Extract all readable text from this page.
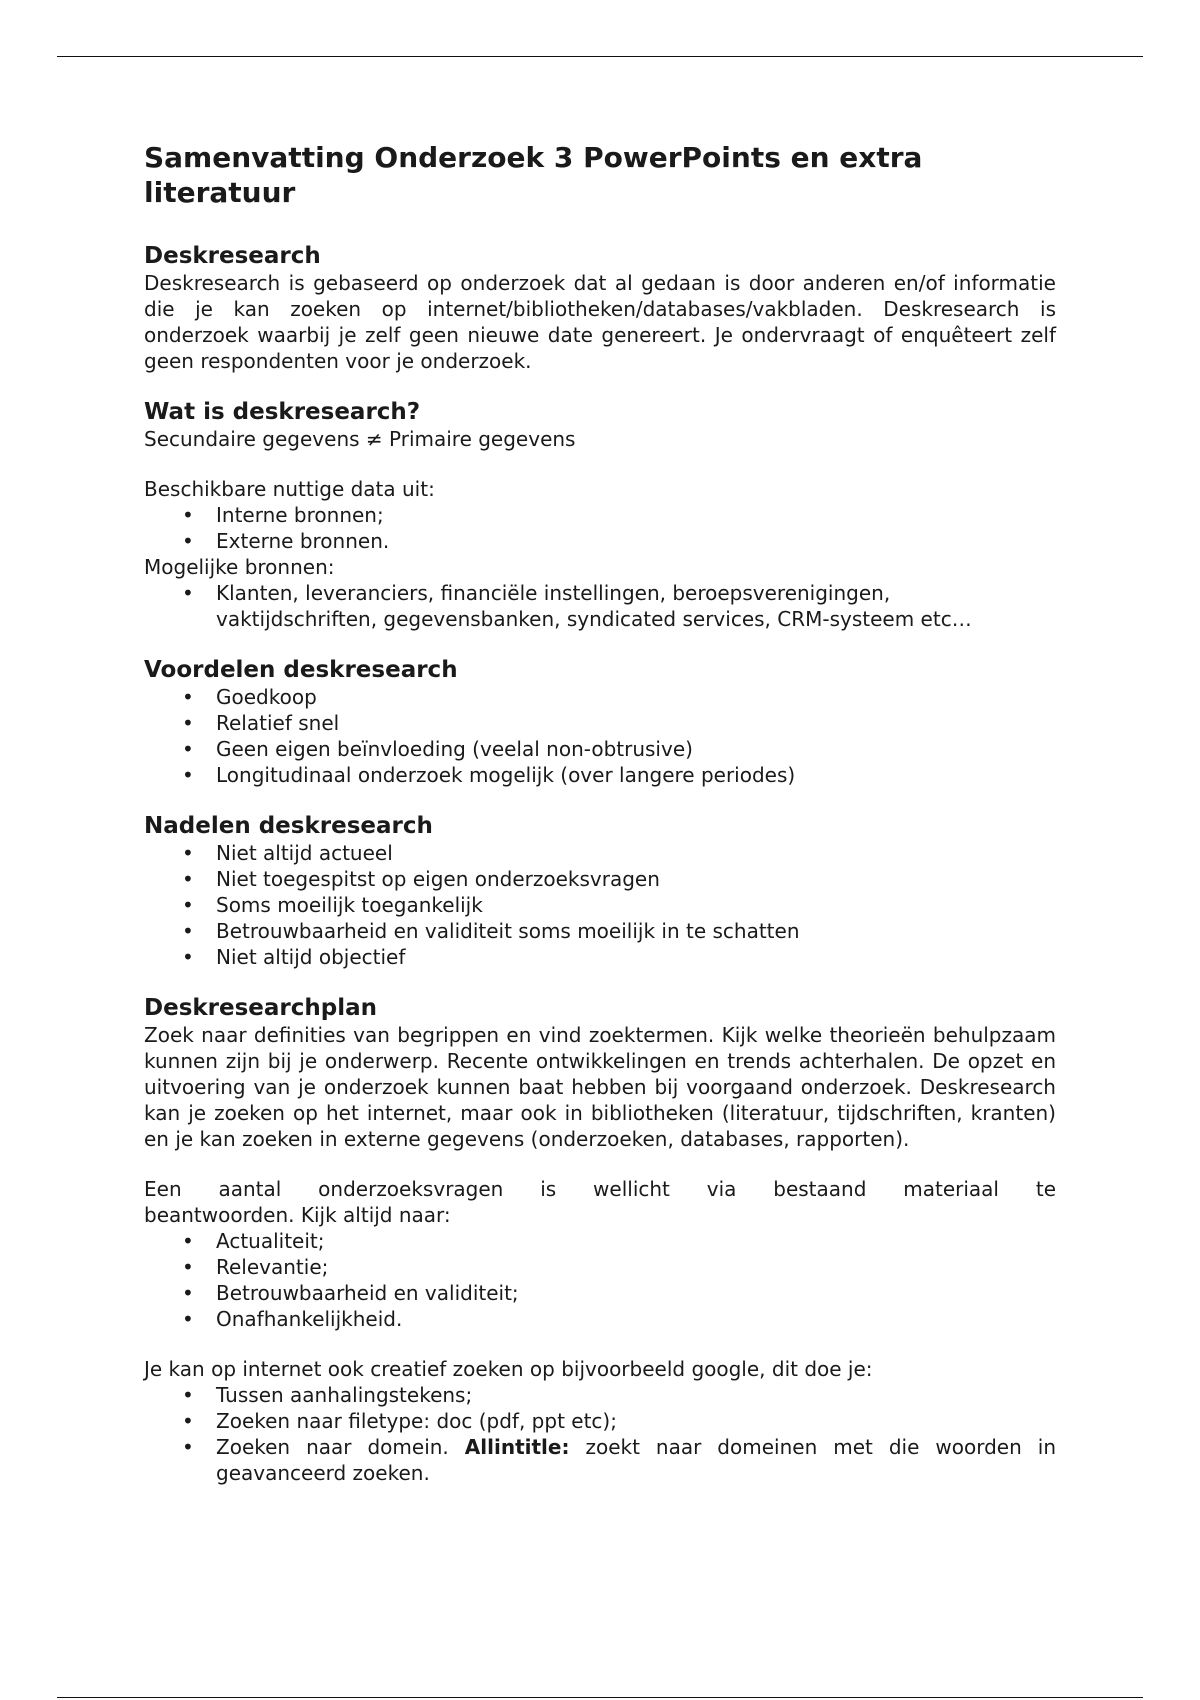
Samenvatting Onderzoek 3 PowerPoints en extra literatuur
Deskresearch

Deskresearch is gebaseerd op onderzoek dat al gedaan is door anderen en/of informatie die je kan zoeken op internet/bibliotheken/databases/vakbladen. Deskresearch is onderzoek waarbij je zelf geen nieuwe date genereert. Je ondervraagt of enquêteert zelf geen respondenten voor je onderzoek.

Wat is deskresearch?

Secundaire gegevens ≠ Primaire gegevens

Beschikbare nuttige data uit:

• Interne bronnen;
• Externe bronnen.

Mogelijke bronnen:

• Klanten, leveranciers, financiële instellingen, beroepsverenigingen, vaktijdschriften, gegevensbanken, syndicated services, CRM-systeem etc…
Voordelen deskresearch
• Goedkoop
• Relatief snel
• Geen eigen beïnvloeding (veelal non-obtrusive)
• Longitudinaal onderzoek mogelijk (over langere periodes)
Nadelen deskresearch
• Niet altijd actueel
• Niet toegespitst op eigen onderzoeksvragen
• Soms moeilijk toegankelijk
• Betrouwbaarheid en validiteit soms moeilijk in te schatten
• Niet altijd objectief
Deskresearchplan

Zoek naar definities van begrippen en vind zoektermen. Kijk welke theorieën behulpzaam kunnen zijn bij je onderwerp. Recente ontwikkelingen en trends achterhalen. De opzet en uitvoering van je onderzoek kunnen baat hebben bij voorgaand onderzoek. Deskresearch kan je zoeken op het internet, maar ook in bibliotheken (literatuur, tijdschriften, kranten) en je kan zoeken in externe gegevens (onderzoeken, databases, rapporten).

Een aantal onderzoeksvragen is wellicht via bestaand materiaal te

beantwoorden. Kijk altijd naar:

• Actualiteit;
• Relevantie;
• Betrouwbaarheid en validiteit;
• Onafhankelijkheid.

Je kan op internet ook creatief zoeken op bijvoorbeeld google, dit doe je:

• Tussen aanhalingstekens;
• Zoeken naar filetype: doc (pdf, ppt etc);
• Zoeken naar domein. Allintitle: zoekt naar domeinen met die woorden in geavanceerd zoeken.
